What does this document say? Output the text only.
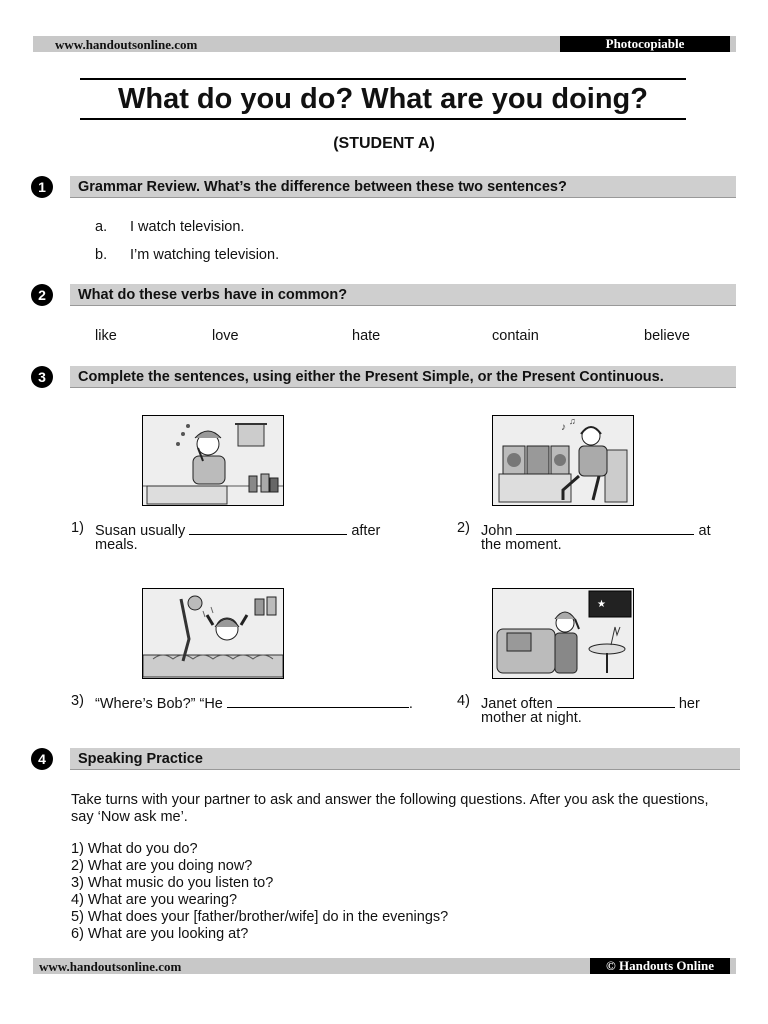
www.handoutsonline.com	Photocopiable
What do you do? What are you doing?
(STUDENT A)
1	Grammar Review. What’s the difference between these two sentences?
a. I watch television.
b. I’m watching television.
2	What do these verbs have in common?
like	love	hate	contain	believe
3	Complete the sentences, using either the Present Simple, or the Present Continuous.
♪
♫
1) Susan usually	after
meals.
2) John	at
the moment.
★
3) “Where’s Bob?” “He	.	4) Janet often	her
mother at night.
4	Speaking Practice
Take turns with your partner to ask and answer the following questions. After you ask the questions, say ‘Now ask me’.
1) What do you do?
2) What are you doing now?
3) What music do you listen to?
4) What are you wearing?
5) What does your [father/brother/wife] do in the evenings?
6) What are you looking at?
www.handoutsonline.com	© Handouts Online
